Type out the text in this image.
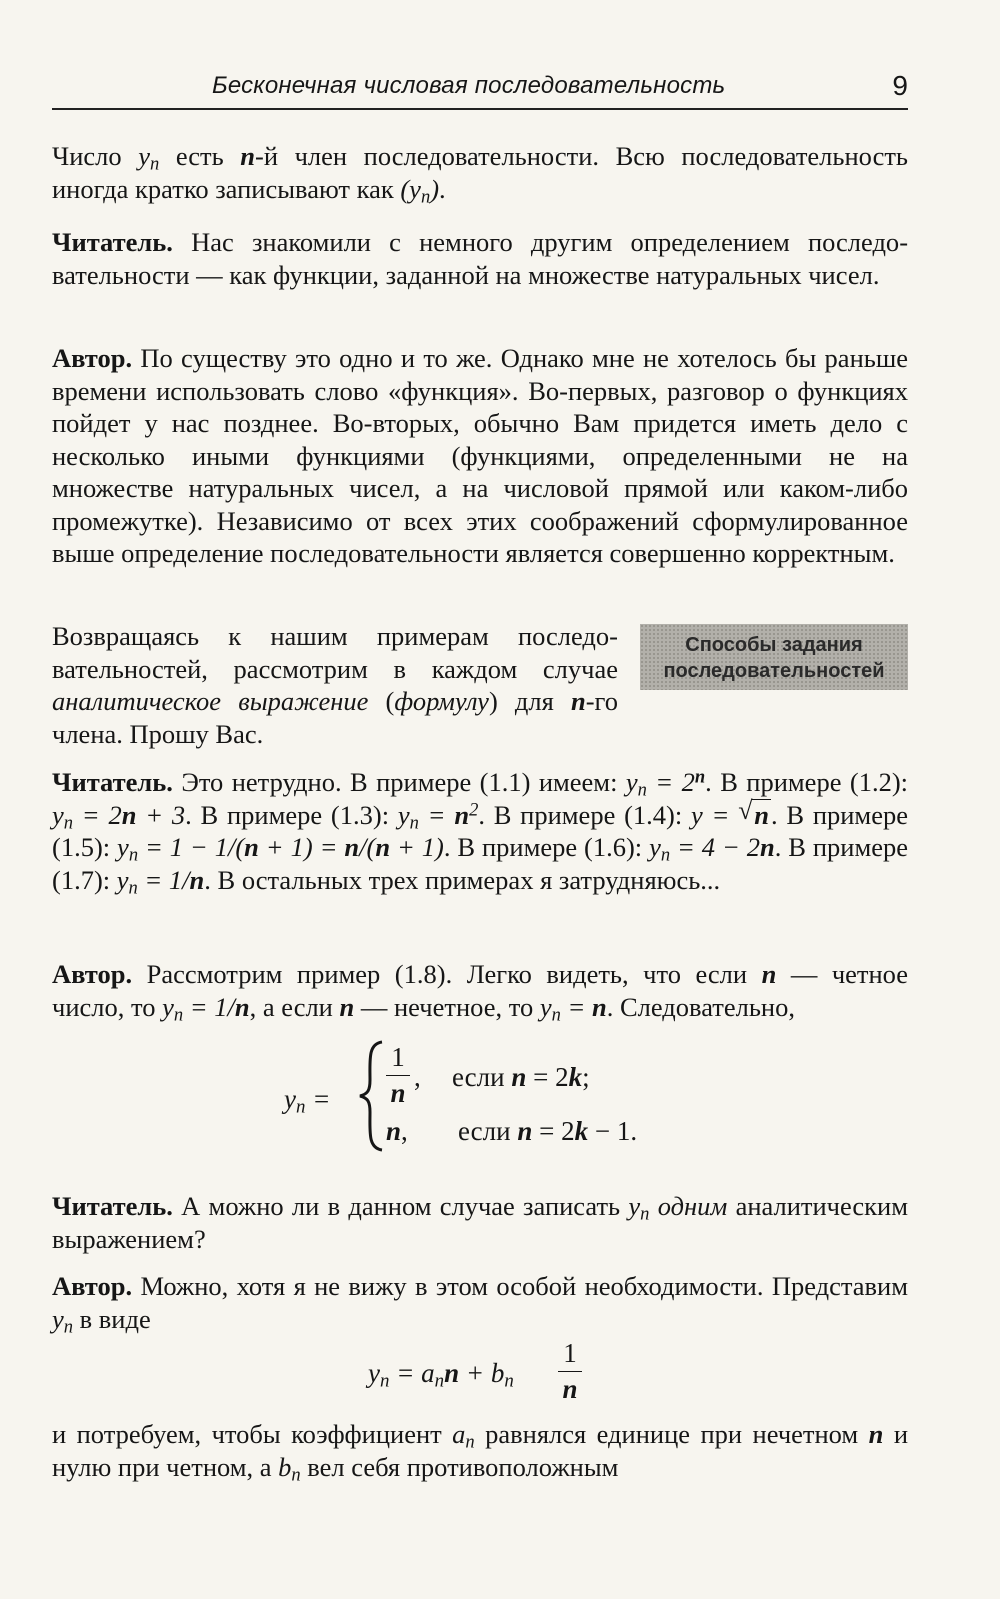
Бесконечная числовая последовательность	9
Число $y_n$ есть n-й член последовательности. Всю последовательность иногда кратко записывают как $(y_n)$.
Читатель. Нас знакомили с немного другим определением последовательности — как функции, заданной на множестве натуральных чисел.
Автор. По существу это одно и то же. Однако мне не хотелось бы раньше времени использовать слово «функция». Во-первых, разговор о функциях пойдет у нас позднее. Во-вторых, обычно Вам придется иметь дело с несколько иными функциями (функциями, определенными не на множестве натуральных чисел, а на числовой прямой или каком-либо промежутке). Независимо от всех этих соображений сформулированное выше определение последовательности является совершенно корректным.
Возвращаясь к нашим примерам последовательностей, рассмотрим в каждом случае аналитическое выражение (формулу) для n-го члена. Прошу Вас.
Способы задания
последовательностей
Читатель. Это нетрудно. В примере (1.1) имеем: $y_n = 2^n$. В примере (1.2): $y_n = 2n + 3$. В примере (1.3): $y_n = n^2$. В примере (1.4): y = √ n. В примере (1.5): $y_n = 1 - 1/(n + 1) = n/(n + 1)$. В примере (1.6): $y_n = 4 - 2n$. В примере (1.7): $y_n = 1/n$. В остальных трех примерах я затрудняюсь...
Автор. Рассмотрим пример (1.8). Легко видеть, что если n — четное число, то $y_n = 1/n$, а если n — нечетное, то $y_n = n$. Следовательно,
$y_n$ =
1
n
, если n = 2k;
n, если n = 2k − 1.
Читатель. А можно ли в данном случае записать $y_n$ одним аналитическим выражением?
Автор. Можно, хотя я не вижу в этом особой необходимости. Представим $y_n$ в виде
$y_n = a_nn + b_n$
1
n
и потребуем, чтобы коэффициент $a_n$ равнялся единице при нечетном n и нулю при четном, а $b_n$ вел себя противоположным
